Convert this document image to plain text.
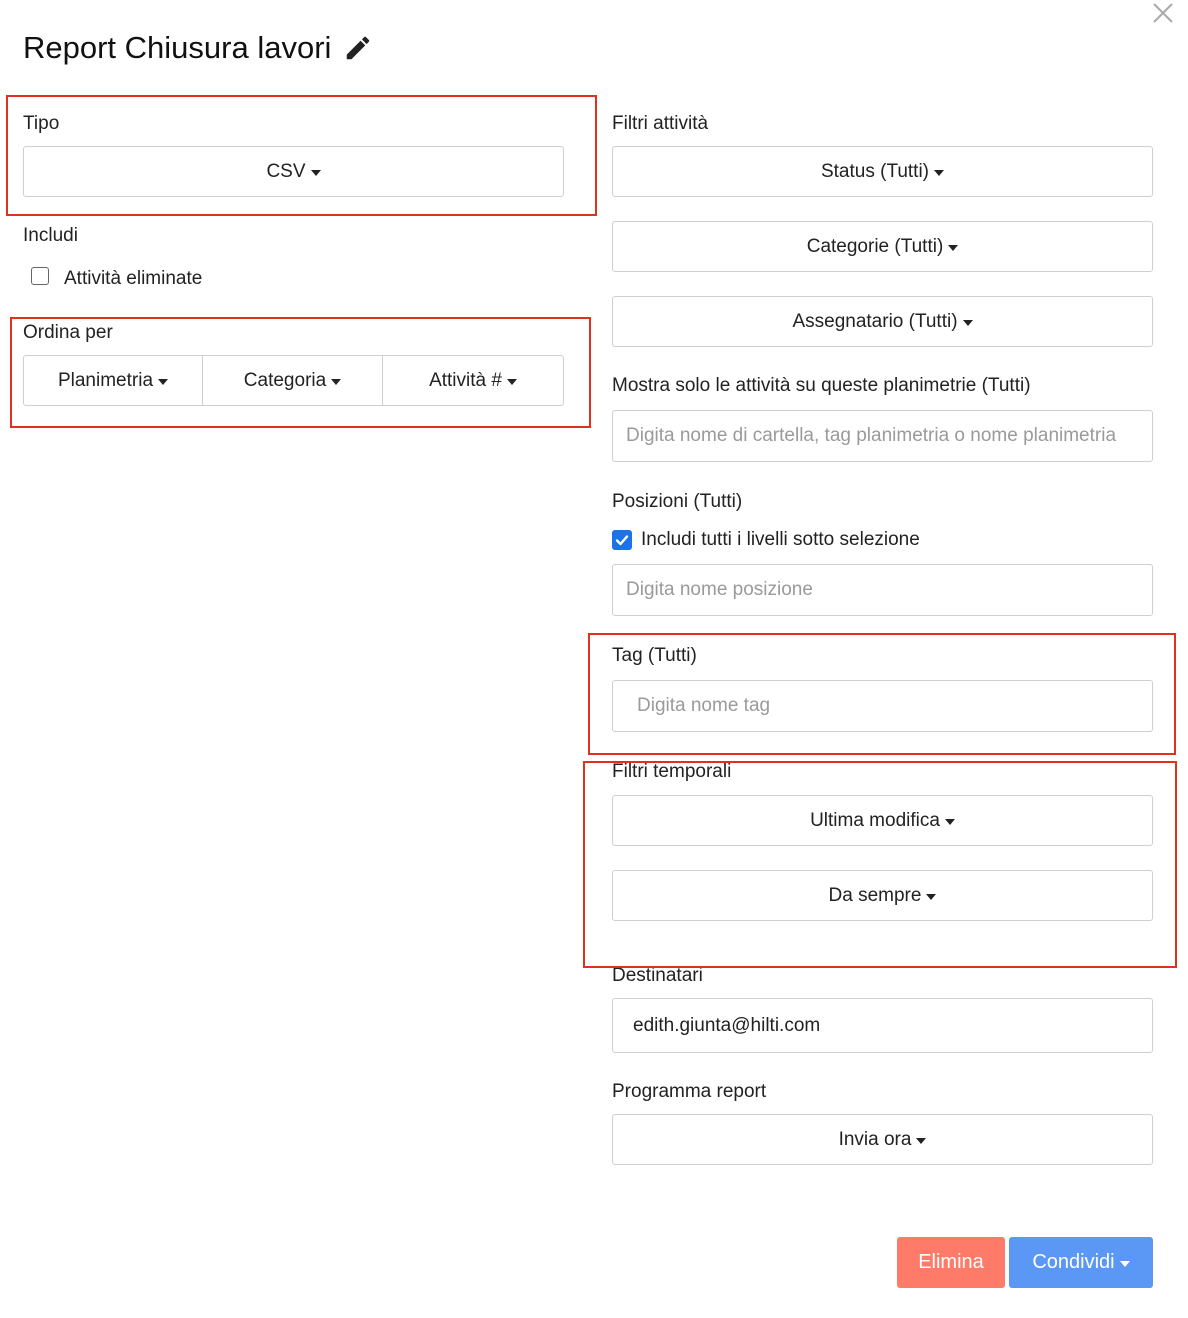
Report Chiusura lavori
Tipo
CSV
Includi
Attività eliminate
Ordina per
Planimetria	Categoria	Attività #
Filtri attività
Status (Tutti)
Categorie (Tutti)
Assegnatario (Tutti)
Mostra solo le attività su queste planimetrie (Tutti)
Digita nome di cartella, tag planimetria o nome planimetria
Posizioni (Tutti)
Includi tutti i livelli sotto selezione
Digita nome posizione
Tag (Tutti)
Digita nome tag
Filtri temporali
Ultima modifica
Da sempre
Destinatari
edith.giunta@hilti.com
Programma report
Invia ora
Elimina Condividi
